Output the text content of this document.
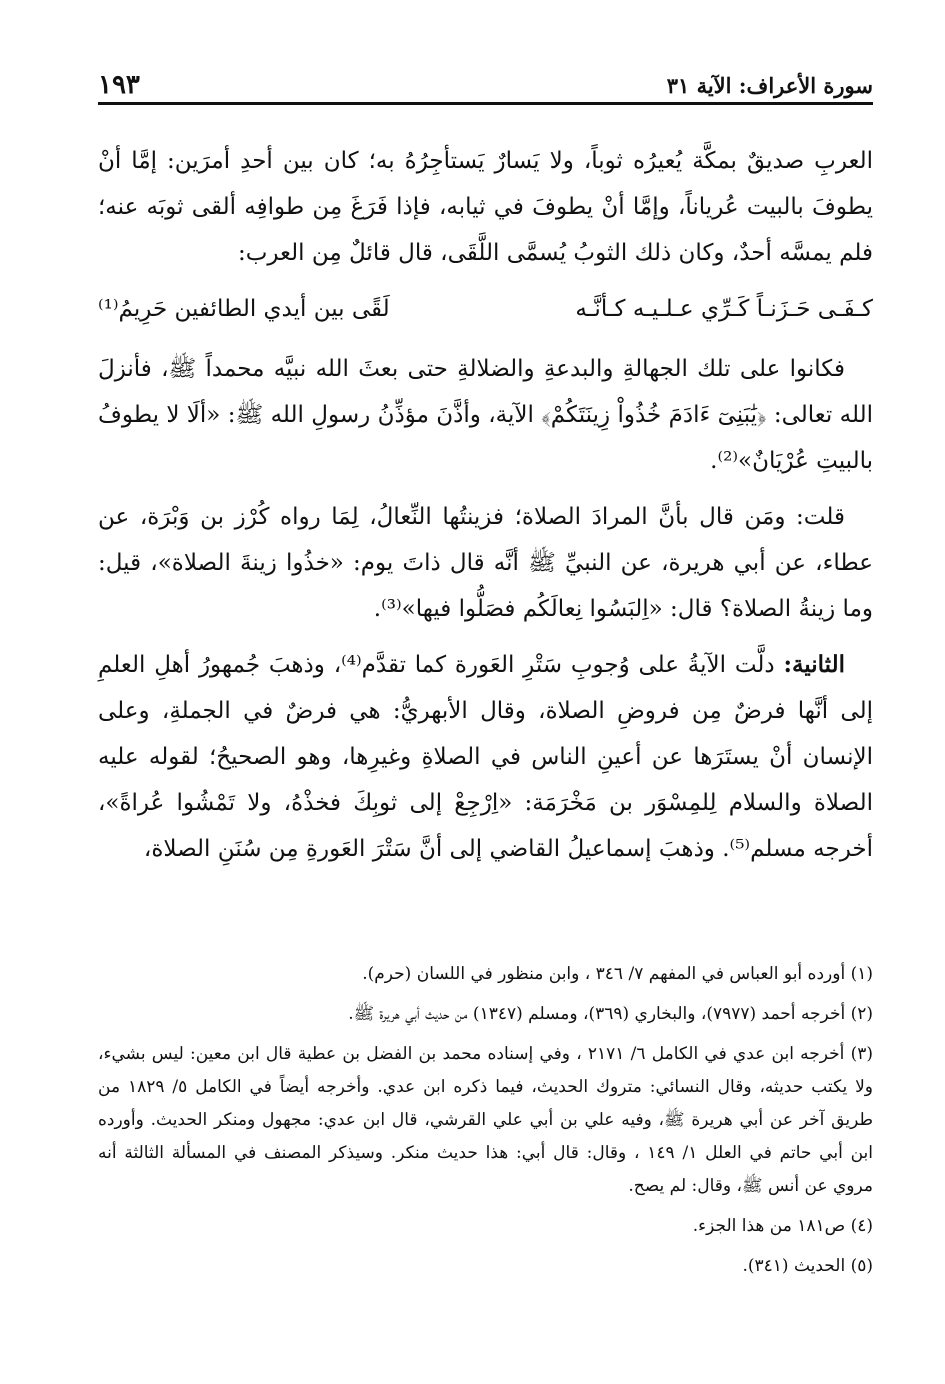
سورة الأعراف: الآية ٣١
١٩٣

العربِ صديقٌ بمكَّة يُعيرُه ثوباً، ولا يَسارٌ يَستأجِرُهُ به؛ كان بين أحدِ أمرَين: إمَّا أنْ يطوفَ بالبيت عُرياناً، وإمَّا أنْ يطوفَ في ثيابه، فإذا فَرَغَ مِن طوافِه ألقى ثوبَه عنه؛ فلم يمسَّه أحدٌ، وكان ذلك الثوبُ يُسمَّى اللَّقَى، قال قائلٌ مِن العرب:

كـفَـى حَـزَنـاً كَـرِّي عـلـيـه كـأنَّـه
لَقًى بين أيدي الطائفين حَرِيمُ⁽¹⁾

فكانوا على تلك الجهالةِ والبدعةِ والضلالةِ حتى بعثَ الله نبيَّه محمداً ﷺ، فأنزلَ الله تعالى: ﴿يَٰبَنِىٓ ءَادَمَ خُذُواْ زِينَتَكُمْ﴾ الآية، وأذَّنَ مؤذِّنُ رسولِ الله ﷺ: «ألَا لا يطوفُ بالبيتِ عُرْيَانٌ»⁽²⁾.

قلت: ومَن قال بأنَّ المرادَ الصلاة؛ فزينتُها النِّعالُ، لِمَا رواه كُرْز بن وَبْرَة، عن عطاء، عن أبي هريرة، عن النبيِّ ﷺ أنَّه قال ذاتَ يوم: «خذُوا زينةَ الصلاة»، قيل: وما زينةُ الصلاة؟ قال: «اِلبَسُوا نِعالَكُم فصَلُّوا فيها»⁽³⁾.

الثانية: دلَّت الآيةُ على وُجوبِ سَتْرِ العَورة كما تقدَّم⁽⁴⁾، وذهبَ جُمهورُ أهلِ العلمِ إلى أنَّها فرضٌ مِن فروضِ الصلاة، وقال الأبهريُّ: هي فرضٌ في الجملةِ، وعلى الإنسان أنْ يستَرَها عن أعينِ الناس في الصلاةِ وغيرِها، وهو الصحيحُ؛ لقوله عليه الصلاة والسلام لِلمِسْوَر بن مَخْرَمَة: «اِرْجِعْ إلى ثوبِكَ فخذْهُ، ولا تَمْشُوا عُراةً»، أخرجه مسلم⁽⁵⁾. وذهبَ إسماعيلُ القاضي إلى أنَّ سَتْرَ العَورةِ مِن سُنَنِ الصلاة،

(١) أورده أبو العباس في المفهم ٧/ ٣٤٦ ، وابن منظور في اللسان (حرم).
(٢) أخرجه أحمد (٧٩٧٧)، والبخاري (٣٦٩)، ومسلم (١٣٤٧) من حديث أبي هريرة ﷺ.
(٣) أخرجه ابن عدي في الكامل ٦/ ٢١٧١ ، وفي إسناده محمد بن الفضل بن عطية قال ابن معين: ليس بشيء، ولا يكتب حديثه، وقال النسائي: متروك الحديث، فيما ذكره ابن عدي. وأخرجه أيضاً في الكامل ٥/ ١٨٢٩ من طريق آخر عن أبي هريرة ﷺ، وفيه علي بن أبي علي القرشي، قال ابن عدي: مجهول ومنكر الحديث. وأورده ابن أبي حاتم في العلل ١/ ١٤٩ ، وقال: قال أبي: هذا حديث منكر. وسيذكر المصنف في المسألة الثالثة أنه مروي عن أنس ﷺ، وقال: لم يصح.
(٤) ص١٨١ من هذا الجزء.
(٥) الحديث (٣٤١).
